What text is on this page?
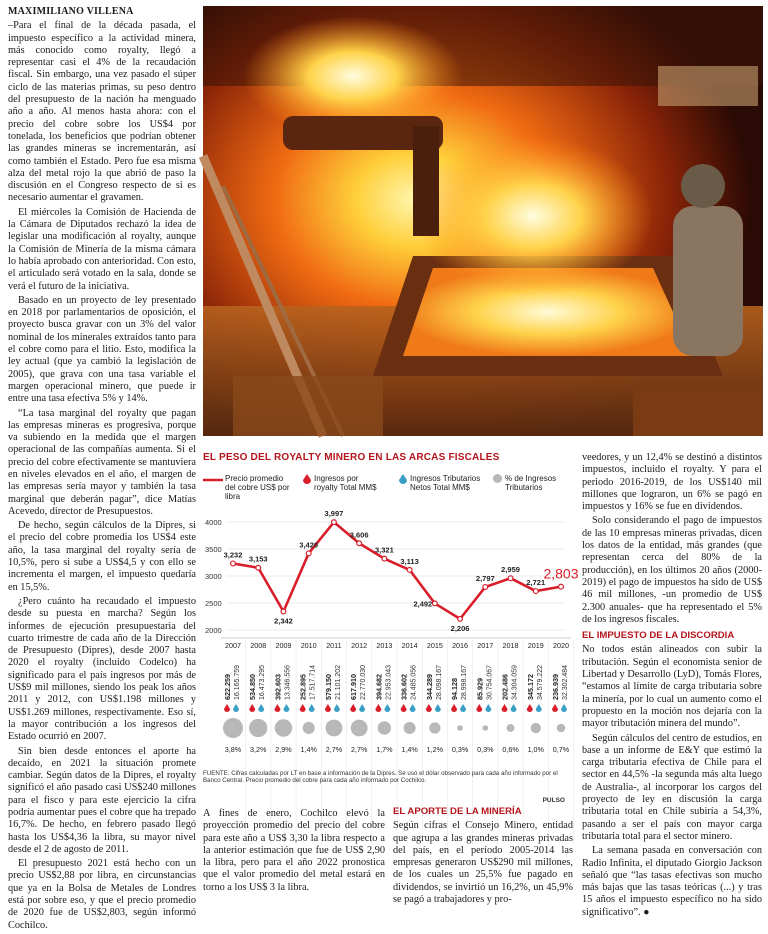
MAXIMILIANO VILLENA

–Para el final de la década pasada, el impuesto específico a la actividad minera, más conocido como royalty, llegó a representar casi el 4% de la recaudación fiscal. Sin embargo, una vez pasado el súper ciclo de las materias primas, su peso dentro del presupuesto de la nación ha menguado año a año. Al menos hasta ahora: con el precio del cobre sobre los US$4 por tonelada, los beneficios que podrían obtener las grandes mineras se incrementarán, así como también el Estado. Pero fue esa misma alza del metal rojo la que abrió de paso la discusión en el Congreso respecto de si es necesario aumentar el gravamen.

El miércoles la Comisión de Hacienda de la Cámara de Diputados rechazó la idea de legislar una modificación al royalty, aunque la Comisión de Minería de la misma cámara lo había aprobado con anterioridad. Con esto, el articulado será votado en la sala, donde se verá el futuro de la iniciativa.

Basado en un proyecto de ley presentado en 2018 por parlamentarios de oposición, el proyecto busca gravar con un 3% del valor nominal de los minerales extraídos tanto para el cobre como para el litio. Esto, modifica la ley actual (que ya cambió la legislación de 2005), que grava con una tasa variable el margen operacional minero, que puede ir entre una tasa efectiva 5% y 14%.

“La tasa marginal del royalty que pagan las empresas mineras es progresiva, porque va subiendo en la medida que el margen operacional de las compañías aumenta. Si el precio del cobre efectivamente se mantuviera en niveles elevados en el año, el margen de las empresas sería mayor y también la tasa marginal que deberán pagar”, dice Matías Acevedo, director de Presupuestos.

De hecho, según cálculos de la Dipres, si el precio del cobre promedia los US$4 este año, la tasa marginal del royalty sería de 10,5%, pero si sube a US$4,5 y con ello se incrementa el margen, el impuesto quedaría en 15,5%.

¿Pero cuánto ha recaudado el impuesto desde su puesta en marcha? Según los informes de ejecución presupuestaria del cuarto trimestre de cada año de la Dirección de Presupuesto (Dipres), desde 2007 hasta 2020 el royalty (incluido Codelco) ha significado para el país ingresos por más de US$9 mil millones, siendo los peak los años 2011 y 2012, con US$1.198 millones y US$1.269 millones, respectivamente. Eso sí, la mayor contribución a los ingresos del Estado ocurrió en 2007.

Sin bien desde entonces el aporte ha decaído, en 2021 la situación promete cambiar. Según datos de la Dipres, el royalty significó el año pasado casi US$240 millones para el fisco y para este ejercicio la cifra podría aumentar pues el cobre que ha trepado 16,7%. De hecho, en febrero pasado llegó hasta los US$4,36 la libra, su mayor nivel desde el 2 de agosto de 2011.

El presupuesto 2021 está hecho con un precio US$2,88 por libra, en circunstancias que ya en la Bolsa de Metales de Londres está por sobre eso, y que el precio promedio de 2020 fue de US$2,803, según informó Cochilco.

EL PESO DEL ROYALTY MINERO EN LAS ARCAS FISCALES
Precio promedio del cobre US$ por libra
Ingresos por royalty Total MM$
Ingresos Tributarios Netos Total MM$
% de Ingresos Tributarios
2000
2500
3000
3500
4000
3,232 3,153
2,342
3,420
3,997
3,606
3,321
3,113
2,492
2,206
2,797
2,959
2,721
2,803
2007
622.259 16.165.759
3,8%
2008
534.850 16.473.295
3,2%
2009
392.603 13.346.556
2,9%
2010
252.895 17.517.714
1,4%
2011
579.150 21.101.202
2,7%
2012
617.910 22.770.030
2,7%
2013
394.682 22.953.043
1,7%
2014
336.602 24.485.056
1,4%
2015
344.289 28.098.167
1,2%
2016
94.128 28.998.167
0,3%
2017
85.929 30.754.067
0,3%
2018
202.486 34.304.059
0,6%
2019
345.172 34.579.222
1,0%
2020
236.939 32.302.484
0,7%
FUENTE: Cifras calculadas por LT en base a información de la Dipres. Se usó el dólar observado para cada año informado por el Banco Central. Precio promedio del cobre para cada año informado por Cochilco.
PULSO

A fines de enero, Cochilco elevó la proyección promedio del precio del cobre para este año a US$ 3,30 la libra respecto a la anterior estimación que fue de US$ 2,90 la libra, pero para el año 2022 pronostica que el valor promedio del metal estará en torno a los US$ 3 la libra.

EL APORTE DE LA MINERÍA

Según cifras el Consejo Minero, entidad que agrupa a las grandes mineras privadas del país, en el período 2005-2014 las empresas generaron US$290 mil millones, de los cuales un 25,5% fue pagado en dividendos, se invirtió un 16,2%, un 45,9% se pagó a trabajadores y pro-

veedores, y un 12,4% se destinó a distintos impuestos, incluido el royalty. Y para el periodo 2016-2019, de los US$140 mil millones que lograron, un 6% se pagó en impuestos y 16% se fue en dividendos.

Solo considerando el pago de impuestos de las 10 empresas mineras privadas, dicen los datos de la entidad, más grandes (que representan cerca del 80% de la producción), en los últimos 20 años (2000-2019) el pago de impuestos ha sido de US$ 46 mil millones, -un promedio de US$ 2.300 anuales- que ha representado el 5% de los ingresos fiscales.

EL IMPUESTO DE LA DISCORDIA

No todos están alineados con subir la tributación. Según el economista senior de Libertad y Desarrollo (LyD), Tomás Flores, “estamos al límite de carga tributaria sobre la minería, por lo cual un aumento como el propuesto en la moción nos dejaría con la mayor tributación minera del mundo”.

Según cálculos del centro de estudios, en base a un informe de E&Y que estimó la carga tributaria efectiva de Chile para el sector en 44,5% -la segunda más alta luego de Australia-, al incorporar los cargos del proyecto de ley en discusión la carga tributaria total en Chile subiría a 54,3%, pasando a ser el país con mayor carga tributaria total para el sector minero.

La semana pasada en conversación con Radio Infinita, el diputado Giorgio Jackson señaló que “las tasas efectivas son mucho más bajas que las tasas teóricas (...) y tras 15 años el impuesto específico no ha sido significativo”. ●
